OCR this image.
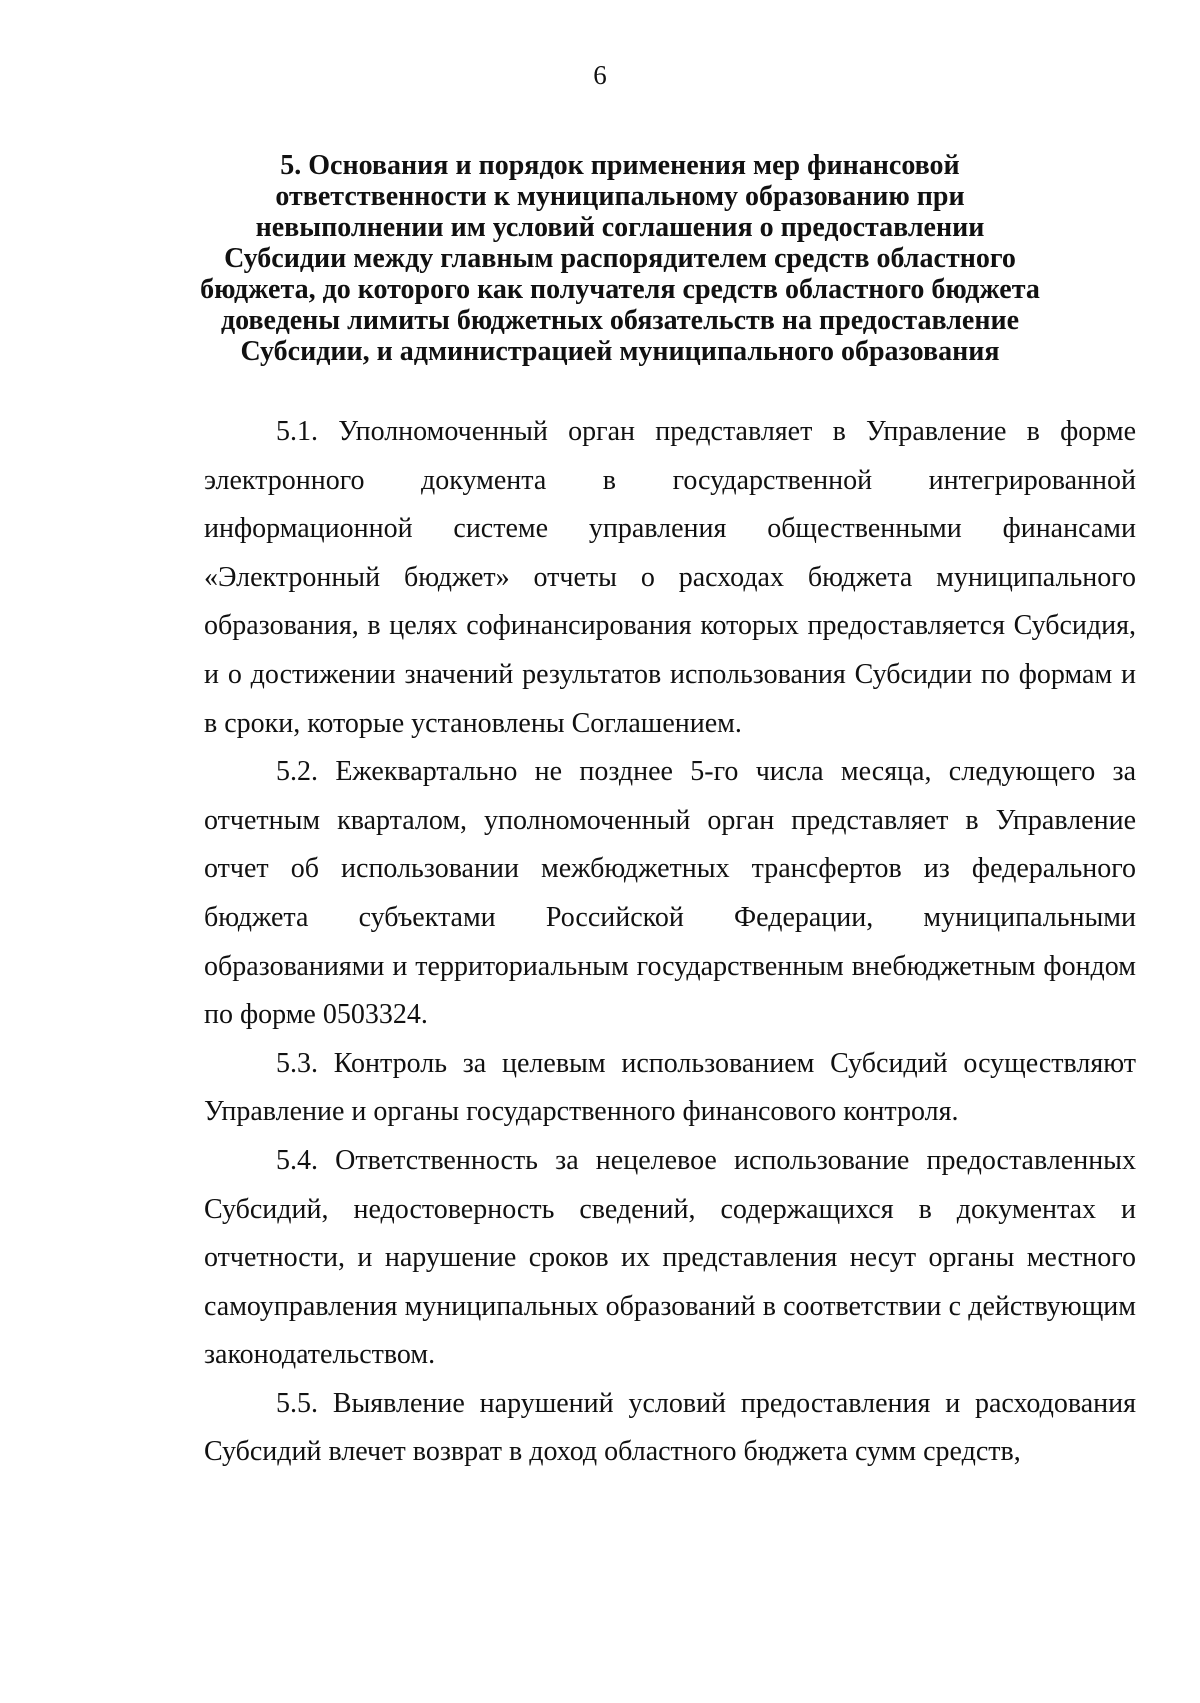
6
5. Основания и порядок применения мер финансовой ответственности к муниципальному образованию при невыполнении им условий соглашения о предоставлении Субсидии между главным распорядителем средств областного бюджета, до которого как получателя средств областного бюджета доведены лимиты бюджетных обязательств на предоставление Субсидии, и администрацией муниципального образования

5.1. Уполномоченный орган представляет в Управление в форме электронного документа в государственной интегрированной информационной системе управления общественными финансами «Электронный бюджет» отчеты о расходах бюджета муниципального образования, в целях софинансирования которых предоставляется Субсидия, и о достижении значений результатов использования Субсидии по формам и в сроки, которые установлены Соглашением.

5.2. Ежеквартально не позднее 5-го числа месяца, следующего за отчетным кварталом, уполномоченный орган представляет в Управление отчет об использовании межбюджетных трансфертов из федерального бюджета субъектами Российской Федерации, муниципальными образованиями и территориальным государственным внебюджетным фондом по форме 0503324.

5.3. Контроль за целевым использованием Субсидий осуществляют Управление и органы государственного финансового контроля.

5.4. Ответственность за нецелевое использование предоставленных Субсидий, недостоверность сведений, содержащихся в документах и отчетности, и нарушение сроков их представления несут органы местного самоуправления муниципальных образований в соответствии с действующим законодательством.

5.5. Выявление нарушений условий предоставления и расходования Субсидий влечет возврат в доход областного бюджета сумм средств,
